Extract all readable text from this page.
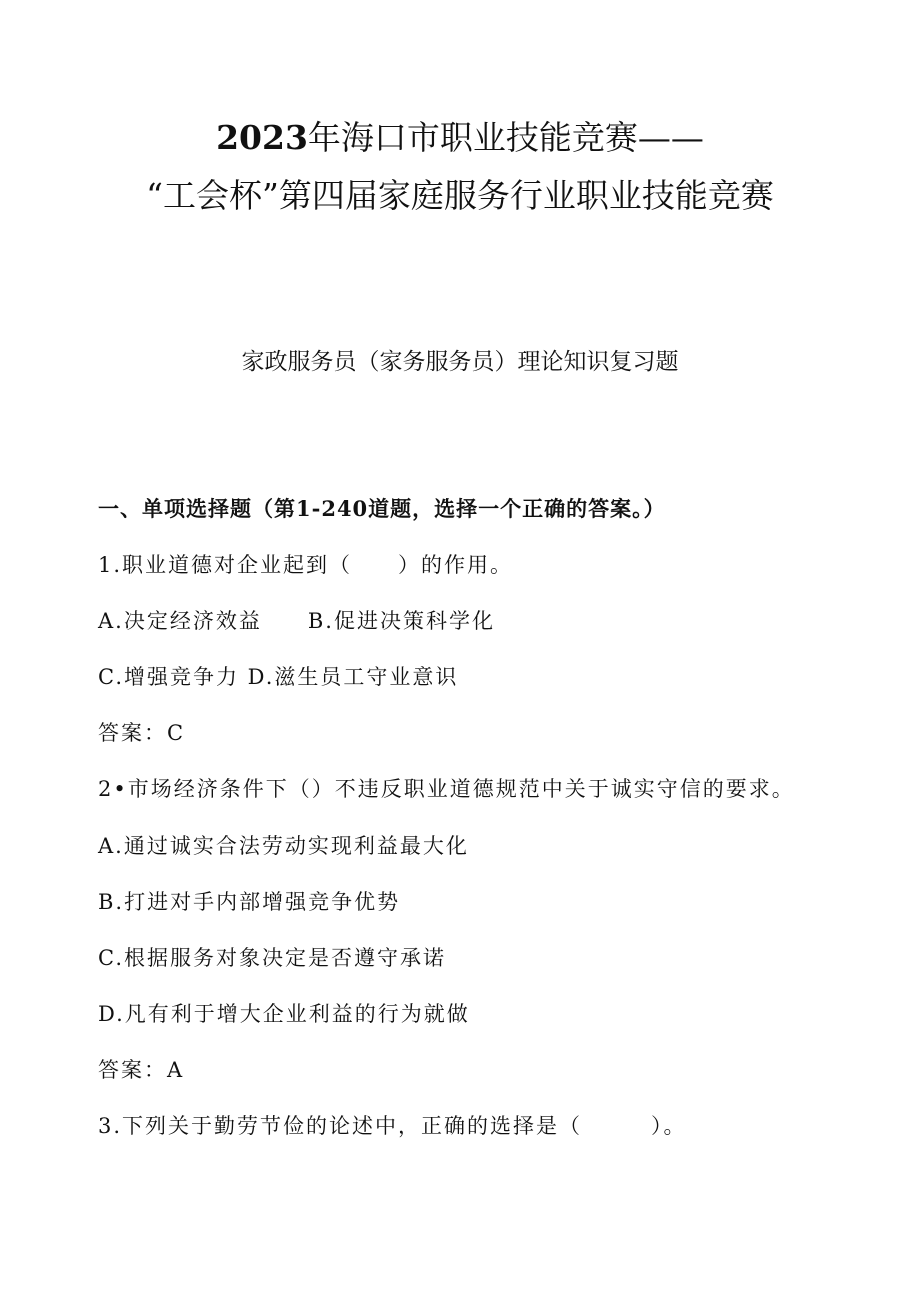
2023年海口市职业技能竞赛——
“工会杯”第四届家庭服务行业职业技能竞赛
家政服务员（家务服务员）理论知识复习题
一、单项选择题（第1-240道题，选择一个正确的答案。）
1.职业道德对企业起到（　　）的作用。
A.决定经济效益 B.促进决策科学化
C.增强竞争力 D.滋生员工守业意识
答案：C
2•市场经济条件下（）不违反职业道德规范中关于诚实守信的要求。
A.通过诚实合法劳动实现利益最大化
B.打进对手内部增强竞争优势
C.根据服务对象决定是否遵守承诺
D.凡有利于增大企业利益的行为就做
答案：A
3.下列关于勤劳节俭的论述中，正确的选择是（　　　）。
